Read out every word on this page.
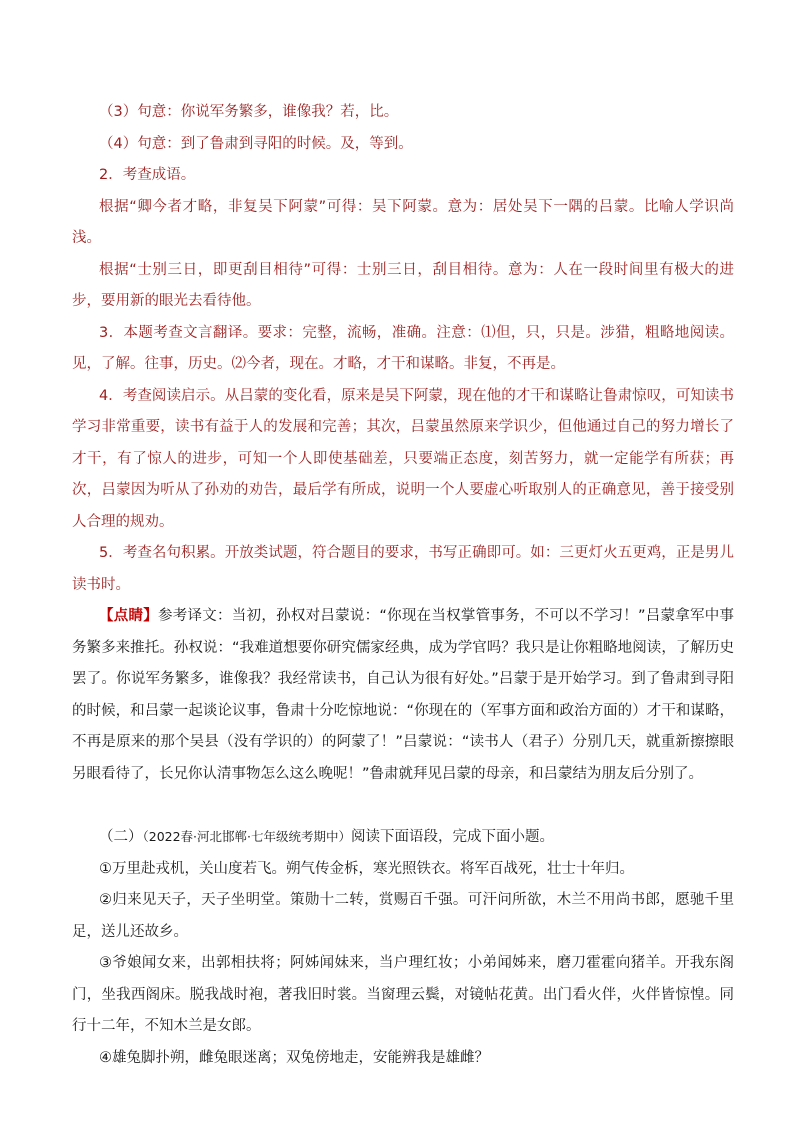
（3）句意：你说军务繁多，谁像我？若，比。

（4）句意：到了鲁肃到寻阳的时候。及，等到。

2．考查成语。

根据“卿今者才略，非复吴下阿蒙”可得：吴下阿蒙。意为：居处吴下一隅的吕蒙。比喻人学识尚浅。

根据“士别三日，即更刮目相待”可得：士别三日，刮目相待。意为：人在一段时间里有极大的进步，要用新的眼光去看待他。

3．本题考查文言翻译。要求：完整，流畅，准确。注意：⑴但，只，只是。涉猎，粗略地阅读。见，了解。往事，历史。⑵今者，现在。才略，才干和谋略。非复，不再是。

4．考查阅读启示。从吕蒙的变化看，原来是吴下阿蒙，现在他的才干和谋略让鲁肃惊叹，可知读书学习非常重要，读书有益于人的发展和完善；其次，吕蒙虽然原来学识少，但他通过自己的努力增长了才干，有了惊人的进步，可知一个人即使基础差，只要端正态度，刻苦努力，就一定能学有所获；再次，吕蒙因为听从了孙劝的劝告，最后学有所成，说明一个人要虚心听取别人的正确意见，善于接受别人合理的规劝。

5．考查名句积累。开放类试题，符合题目的要求，书写正确即可。如：三更灯火五更鸡，正是男儿读书时。

【点睛】参考译文：当初，孙权对吕蒙说：“你现在当权掌管事务，不可以不学习！”吕蒙拿军中事务繁多来推托。孙权说：“我难道想要你研究儒家经典，成为学官吗？我只是让你粗略地阅读，了解历史罢了。你说军务繁多，谁像我？我经常读书，自己认为很有好处。”吕蒙于是开始学习。到了鲁肃到寻阳的时候，和吕蒙一起谈论议事，鲁肃十分吃惊地说：“你现在的（军事方面和政治方面的）才干和谋略，不再是原来的那个吴县（没有学识的）的阿蒙了！”吕蒙说：“读书人（君子）分别几天，就重新擦擦眼另眼看待了，长兄你认清事物怎么这么晚呢！”鲁肃就拜见吕蒙的母亲，和吕蒙结为朋友后分别了。

（二）（2022春·河北邯郸·七年级统考期中）阅读下面语段，完成下面小题。

①万里赴戎机，关山度若飞。朔气传金柝，寒光照铁衣。将军百战死，壮士十年归。

②归来见天子，天子坐明堂。策勋十二转，赏赐百千强。可汗问所欲，木兰不用尚书郎，愿驰千里足，送儿还故乡。

③爷娘闻女来，出郭相扶将；阿姊闻妹来，当户理红妆；小弟闻姊来，磨刀霍霍向猪羊。开我东阁门，坐我西阁床。脱我战时袍，著我旧时裳。当窗理云鬓，对镜帖花黄。出门看火伴，火伴皆惊惶。同行十二年，不知木兰是女郎。

④雄兔脚扑朔，雌兔眼迷离；双兔傍地走，安能辨我是雄雌？
